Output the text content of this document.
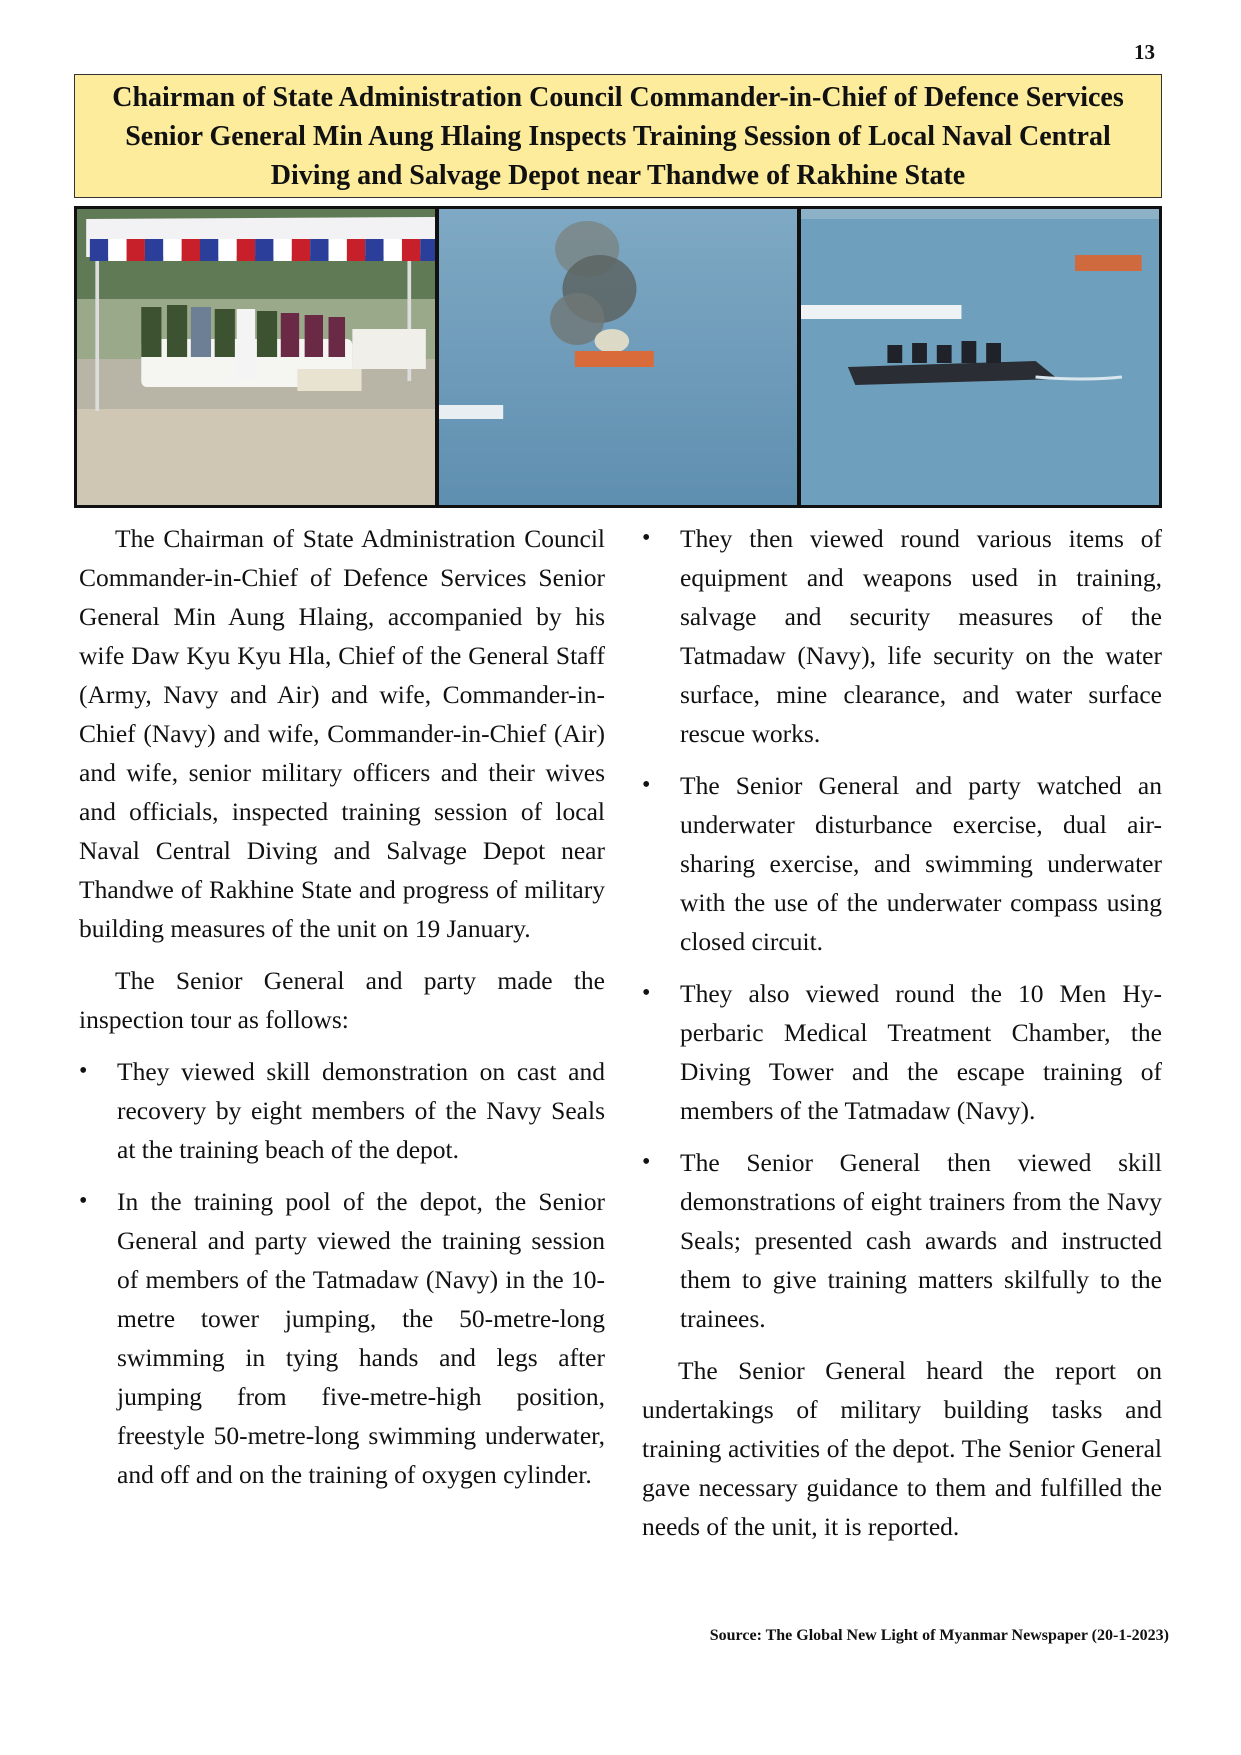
13
Chairman of State Administration Council Commander-in-Chief of Defence Services Senior General Min Aung Hlaing Inspects Training Session of Local Naval Central Diving and Salvage Depot near Thandwe of Rakhine State

The Chairman of State Administration Council Commander-in-Chief of Defence Services Senior General Min Aung Hlaing, accompanied by his wife Daw Kyu Kyu Hla, Chief of the General Staff (Army, Navy and Air) and wife, Commander-in-Chief (Navy) and wife, Commander-in-Chief (Air) and wife, senior military officers and their wives and officials, inspected training session of local Naval Central Diving and Salvage Depot near Thandwe of Rakhine State and progress of military building measures of the unit on 19 January.

The Senior General and party made the inspection tour as follows:

• They viewed skill demonstration on cast and recovery by eight members of the Navy Seals at the training beach of the depot.
• In the training pool of the depot, the Senior General and party viewed the training session of members of the Tatmadaw (Navy) in the 10-metre tower jumping, the 50-metre-long swimming in tying hands and legs after jumping from five-metre-high position, freestyle 50-metre-long swimming underwater, and off and on the training of oxygen cylinder.
• They then viewed round various items of equipment and weapons used in training, salvage and security measures of the Tatmadaw (Navy), life security on the water surface, mine clearance, and water surface rescue works.
• The Senior General and party watched an underwater disturbance exercise, dual air-sharing exercise, and swimming underwater with the use of the underwater compass using closed circuit.
• They also viewed round the 10 Men Hyperbaric Medical Treatment Chamber, the Diving Tower and the escape training of members of the Tatmadaw (Navy).
• The Senior General then viewed skill demonstrations of eight trainers from the Navy Seals; presented cash awards and instructed them to give training matters skilfully to the trainees.

The Senior General heard the report on undertakings of military building tasks and training activities of the depot. The Senior General gave necessary guidance to them and fulfilled the needs of the unit, it is reported.

Source: The Global New Light of Myanmar Newspaper (20-1-2023)
